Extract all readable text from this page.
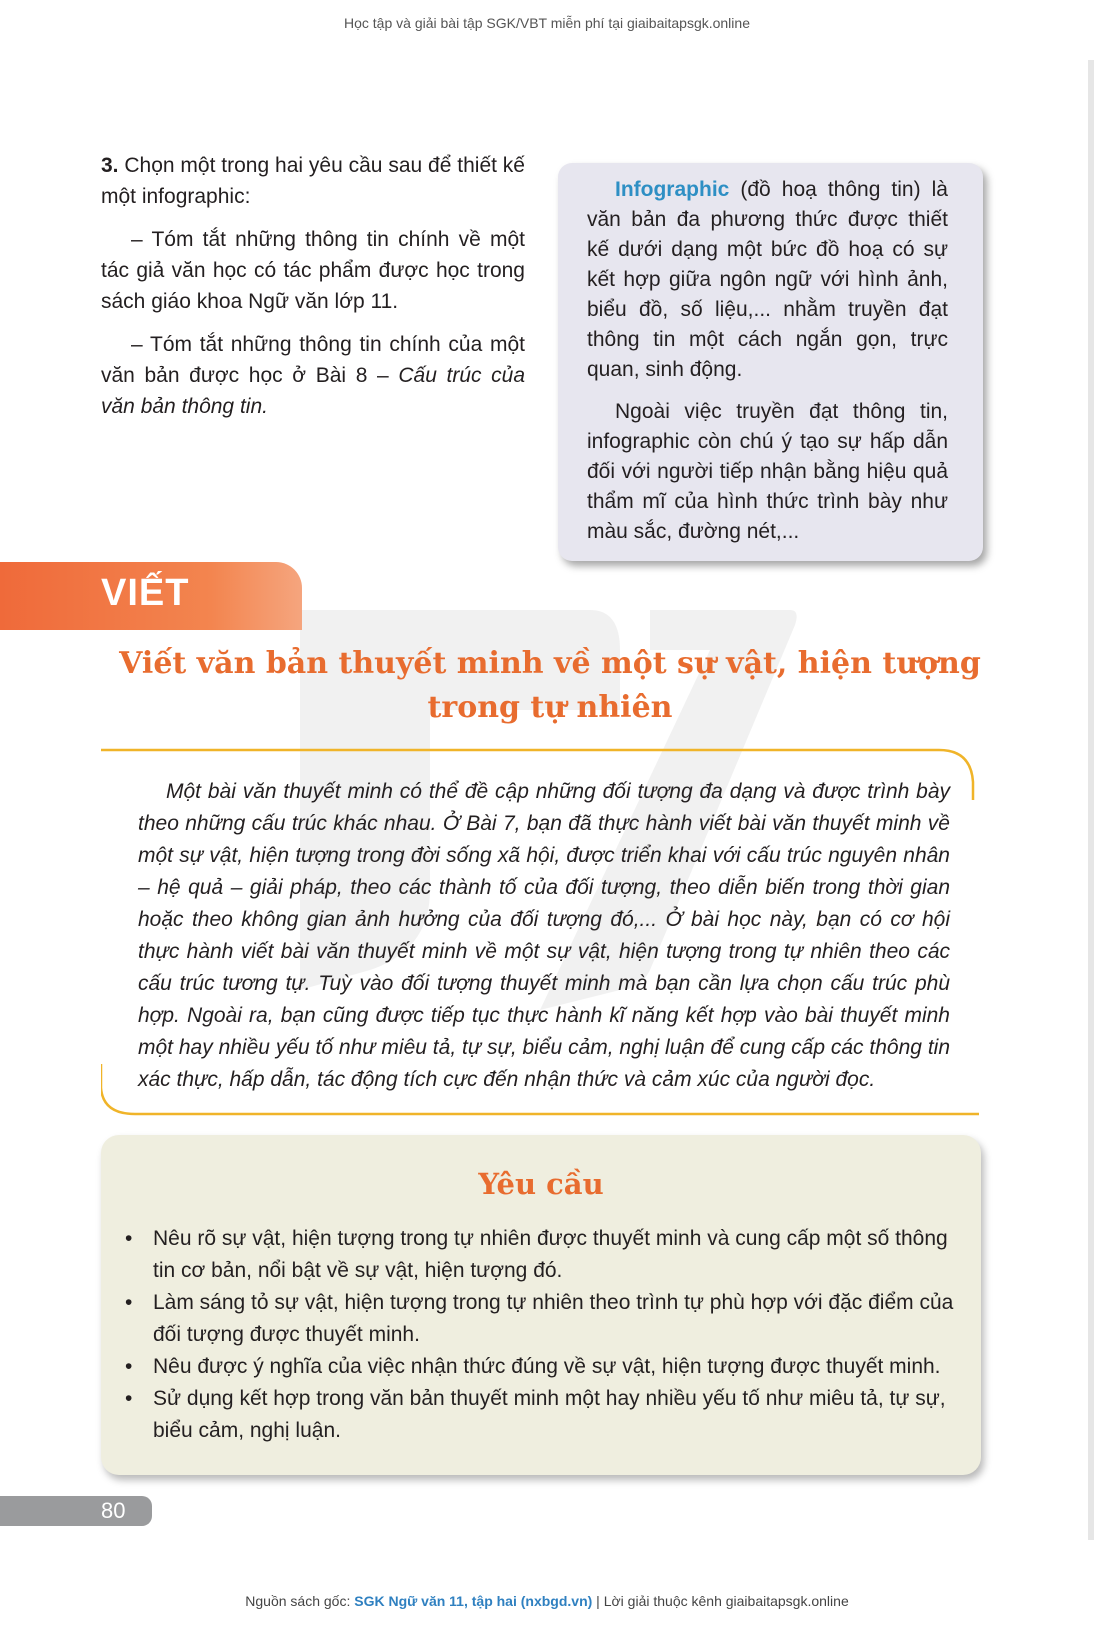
Học tập và giải bài tập SGK/VBT miễn phí tại giaibaitapsgk.online

3. Chọn một trong hai yêu cầu sau để thiết kế một infographic:

– Tóm tắt những thông tin chính về một tác giả văn học có tác phẩm được học trong sách giáo khoa Ngữ văn lớp 11.

– Tóm tắt những thông tin chính của một văn bản được học ở Bài 8 – Cấu trúc của văn bản thông tin.

Infographic (đồ hoạ thông tin) là văn bản đa phương thức được thiết kế dưới dạng một bức đồ hoạ có sự kết hợp giữa ngôn ngữ với hình ảnh, biểu đồ, số liệu,... nhằm truyền đạt thông tin một cách ngắn gọn, trực quan, sinh động.

Ngoài việc truyền đạt thông tin, infographic còn chú ý tạo sự hấp dẫn đối với người tiếp nhận bằng hiệu quả thẩm mĩ của hình thức trình bày như màu sắc, đường nét,...

VIẾT
Viết văn bản thuyết minh về một sự vật, hiện tượng
trong tự nhiên
Một bài văn thuyết minh có thể đề cập những đối tượng đa dạng và được trình bày theo những cấu trúc khác nhau. Ở Bài 7, bạn đã thực hành viết bài văn thuyết minh về một sự vật, hiện tượng trong đời sống xã hội, được triển khai với cấu trúc nguyên nhân – hệ quả – giải pháp, theo các thành tố của đối tượng, theo diễn biến trong thời gian hoặc theo không gian ảnh hưởng của đối tượng đó,... Ở bài học này, bạn có cơ hội thực hành viết bài văn thuyết minh về một sự vật, hiện tượng trong tự nhiên theo các cấu trúc tương tự. Tuỳ vào đối tượng thuyết minh mà bạn cần lựa chọn cấu trúc phù hợp. Ngoài ra, bạn cũng được tiếp tục thực hành kĩ năng kết hợp vào bài thuyết minh một hay nhiều yếu tố như miêu tả, tự sự, biểu cảm, nghị luận để cung cấp các thông tin xác thực, hấp dẫn, tác động tích cực đến nhận thức và cảm xúc của người đọc.
Yêu cầu
• Nêu rõ sự vật, hiện tượng trong tự nhiên được thuyết minh và cung cấp một số thông tin cơ bản, nổi bật về sự vật, hiện tượng đó.
• Làm sáng tỏ sự vật, hiện tượng trong tự nhiên theo trình tự phù hợp với đặc điểm của đối tượng được thuyết minh.
• Nêu được ý nghĩa của việc nhận thức đúng về sự vật, hiện tượng được thuyết minh.
• Sử dụng kết hợp trong văn bản thuyết minh một hay nhiều yếu tố như miêu tả, tự sự, biểu cảm, nghị luận.
80
Nguồn sách gốc: SGK Ngữ văn 11, tập hai (nxbgd.vn) | Lời giải thuộc kênh giaibaitapsgk.online
